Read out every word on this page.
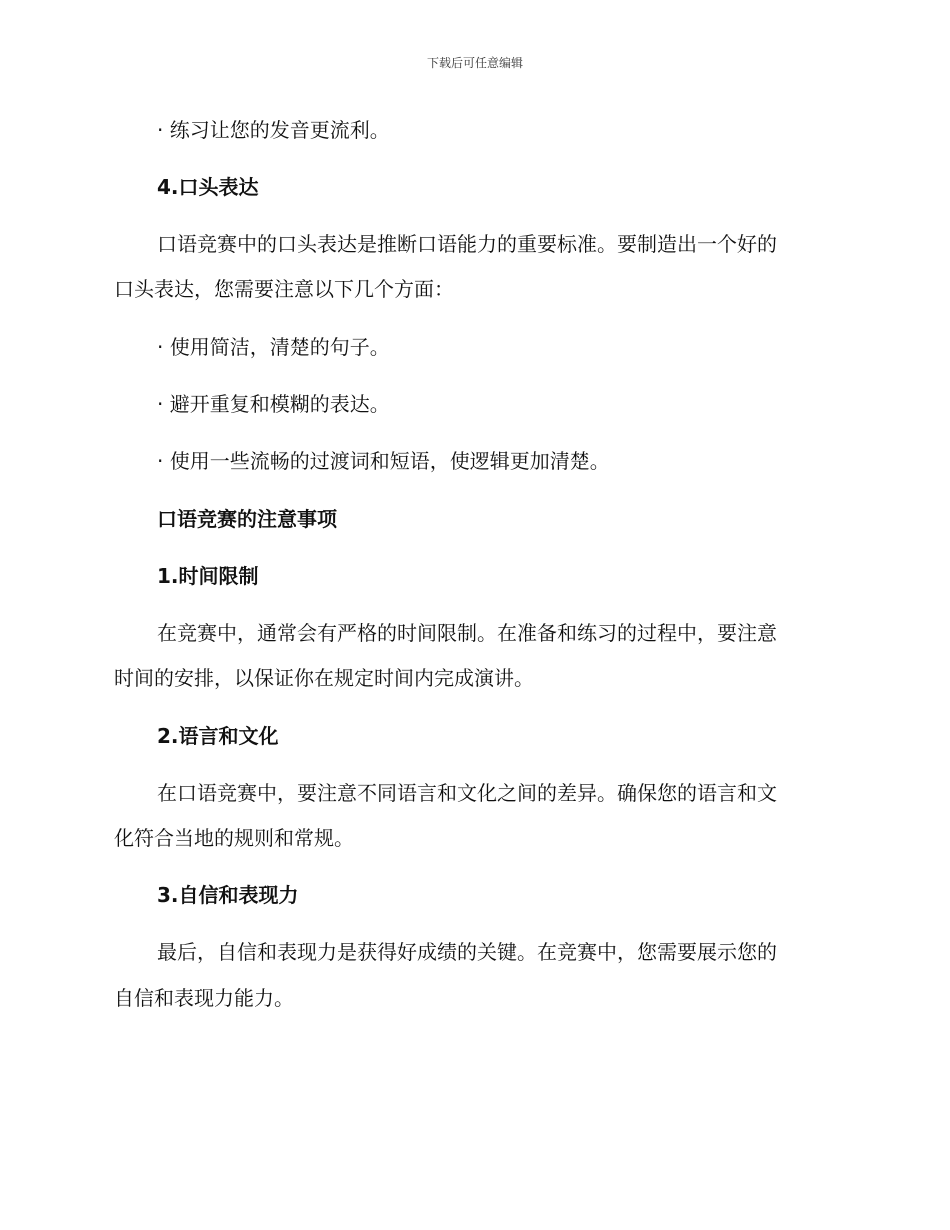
下载后可任意编辑
· 练习让您的发音更流利。
4.口头表达
口语竞赛中的口头表达是推断口语能力的重要标准。要制造出一个好的
口头表达，您需要注意以下几个方面：
· 使用简洁，清楚的句子。
· 避开重复和模糊的表达。
· 使用一些流畅的过渡词和短语，使逻辑更加清楚。
口语竞赛的注意事项
1.时间限制
在竞赛中，通常会有严格的时间限制。在准备和练习的过程中，要注意
时间的安排，以保证你在规定时间内完成演讲。
2.语言和文化
在口语竞赛中，要注意不同语言和文化之间的差异。确保您的语言和文
化符合当地的规则和常规。
3.自信和表现力
最后，自信和表现力是获得好成绩的关键。在竞赛中，您需要展示您的
自信和表现力能力。
